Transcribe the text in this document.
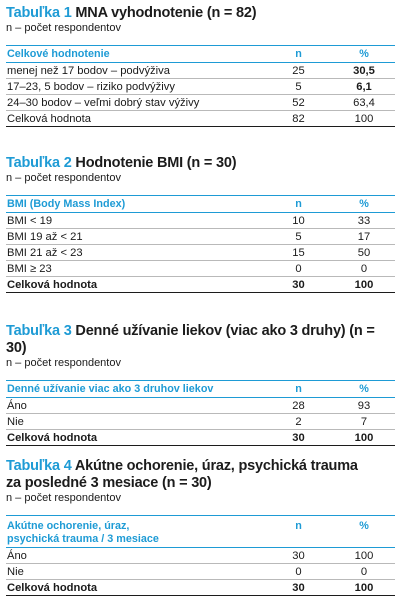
Tabuľka 1 MNA vyhodnotenie (n = 82)
n – počet respondentov
Celkové hodnotenie	n	%
menej než 17 bodov – podvýživa	25	30,5
17–23, 5 bodov – riziko podvýživy	5	6,1
24–30 bodov – veľmi dobrý stav výživy	52	63,4
Celková hodnota	82	100
Tabuľka 2 Hodnotenie BMI (n = 30)
n – počet respondentov
BMI (Body Mass Index)	n	%
BMI < 19	10	33
BMI 19 až < 21	5	17
BMI 21 až < 23	15	50
BMI ≥ 23	0	0
Celková hodnota	30	100
Tabuľka 3 Denné užívanie liekov (viac ako 3 druhy) (n = 30)
n – počet respondentov
Denné užívanie viac ako 3 druhov liekov	n	%
Áno	28	93
Nie	2	7
Celková hodnota	30	100
Tabuľka 4 Akútne ochorenie, úraz, psychická trauma
za posledné 3 mesiace (n = 30)
n – počet respondentov
Akútne ochorenie, úraz,
psychická trauma / 3 mesiace	n	%
Áno	30	100
Nie	0	0
Celková hodnota	30	100
